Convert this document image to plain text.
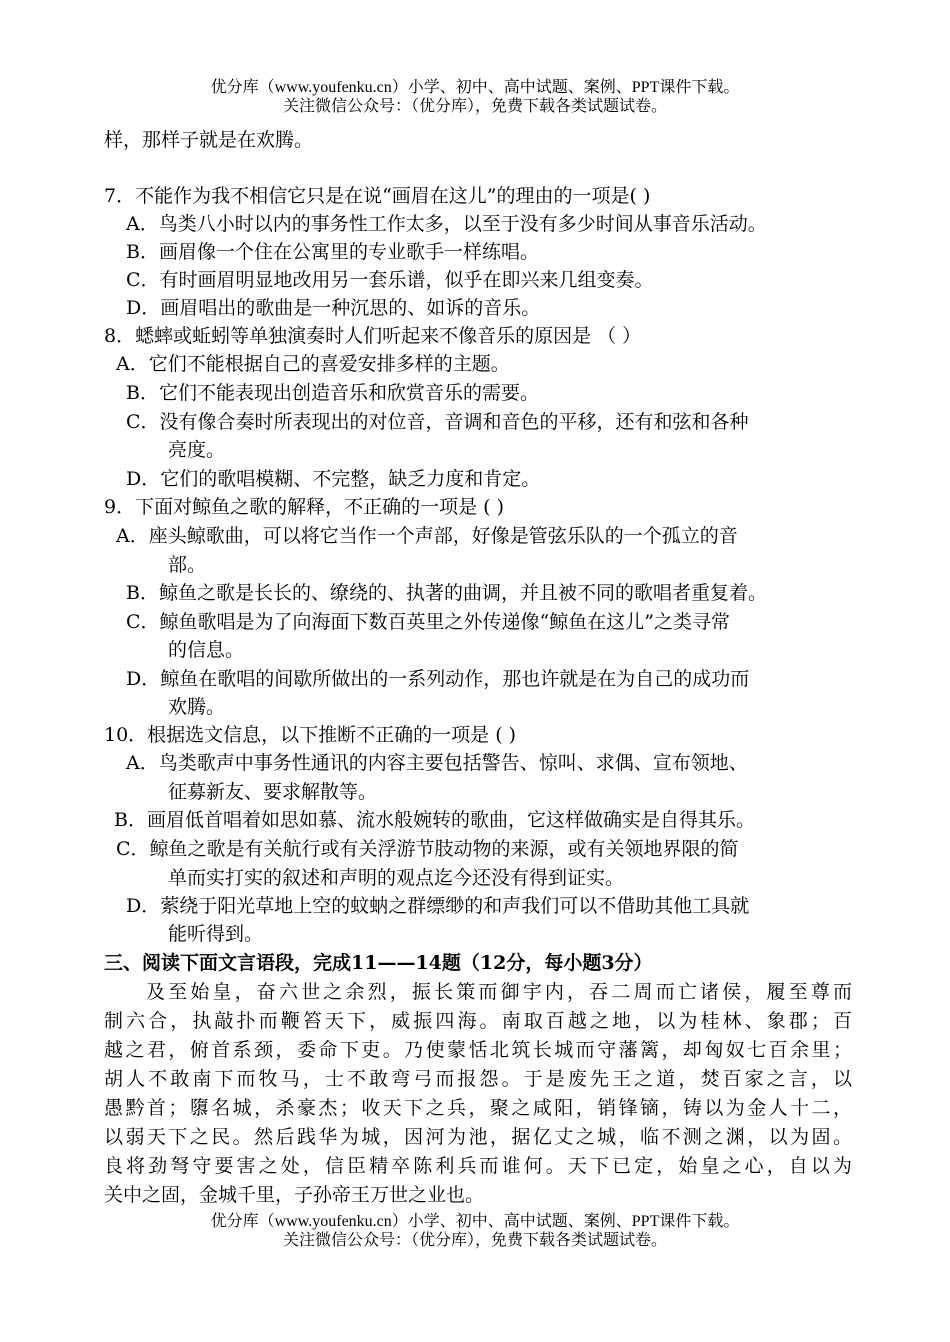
优分库（www.youfenku.cn）小学、初中、高中试题、案例、PPT课件下载。
关注微信公众号：（优分库），免费下载各类试题试卷。
样，那样子就是在欢腾。
7．不能作为我不相信它只是在说“画眉在这儿”的理由的一项是( )
A．鸟类八小时以内的事务性工作太多，以至于没有多少时间从事音乐活动。
B．画眉像一个住在公寓里的专业歌手一样练唱。
C．有时画眉明显地改用另一套乐谱，似乎在即兴来几组变奏。
D．画眉唱出的歌曲是一种沉思的、如诉的音乐。
8．蟋蟀或蚯蚓等单独演奏时人们听起来不像音乐的原因是 （ ）
A．它们不能根据自己的喜爱安排多样的主题。
B．它们不能表现出创造音乐和欣赏音乐的需要。
C．没有像合奏时所表现出的对位音，音调和音色的平移，还有和弦和各种
亮度。
D．它们的歌唱模糊、不完整，缺乏力度和肯定。
9．下面对鲸鱼之歌的解释，不正确的一项是 ( )
A．座头鲸歌曲，可以将它当作一个声部，好像是管弦乐队的一个孤立的音
部。
B．鲸鱼之歌是长长的、缭绕的、执著的曲调，并且被不同的歌唱者重复着。
C．鲸鱼歌唱是为了向海面下数百英里之外传递像“鲸鱼在这儿”之类寻常
的信息。
D．鲸鱼在歌唱的间歇所做出的一系列动作，那也许就是在为自己的成功而
欢腾。
10．根据选文信息，以下推断不正确的一项是 ( )
A．鸟类歌声中事务性通讯的内容主要包括警告、惊叫、求偶、宣布领地、
征募新友、要求解散等。
B．画眉低首唱着如思如慕、流水般婉转的歌曲，它这样做确实是自得其乐。
C．鲸鱼之歌是有关航行或有关浮游节肢动物的来源，或有关领地界限的简
单而实打实的叙述和声明的观点迄今还没有得到证实。
D．萦绕于阳光草地上空的蚊蚋之群缥缈的和声我们可以不借助其他工具就
能听得到。
三、阅读下面文言语段，完成11——14题（12分，每小题3分）
及至始皇，奋六世之余烈，振长策而御宇内，吞二周而亡诸侯，履至尊而
制六合，执敲扑而鞭笞天下，威振四海。南取百越之地，以为桂林、象郡；百
越之君，俯首系颈，委命下吏。乃使蒙恬北筑长城而守藩篱，却匈奴七百余里；
胡人不敢南下而牧马，士不敢弯弓而报怨。于是废先王之道，焚百家之言，以
愚黔首；隳名城，杀豪杰；收天下之兵，聚之咸阳，销锋镝，铸以为金人十二，
以弱天下之民。然后践华为城，因河为池，据亿丈之城，临不测之渊，以为固。
良将劲弩守要害之处，信臣精卒陈利兵而谁何。天下已定，始皇之心，自以为
关中之固，金城千里，子孙帝王万世之业也。
优分库（www.youfenku.cn）小学、初中、高中试题、案例、PPT课件下载。
关注微信公众号：（优分库），免费下载各类试题试卷。
